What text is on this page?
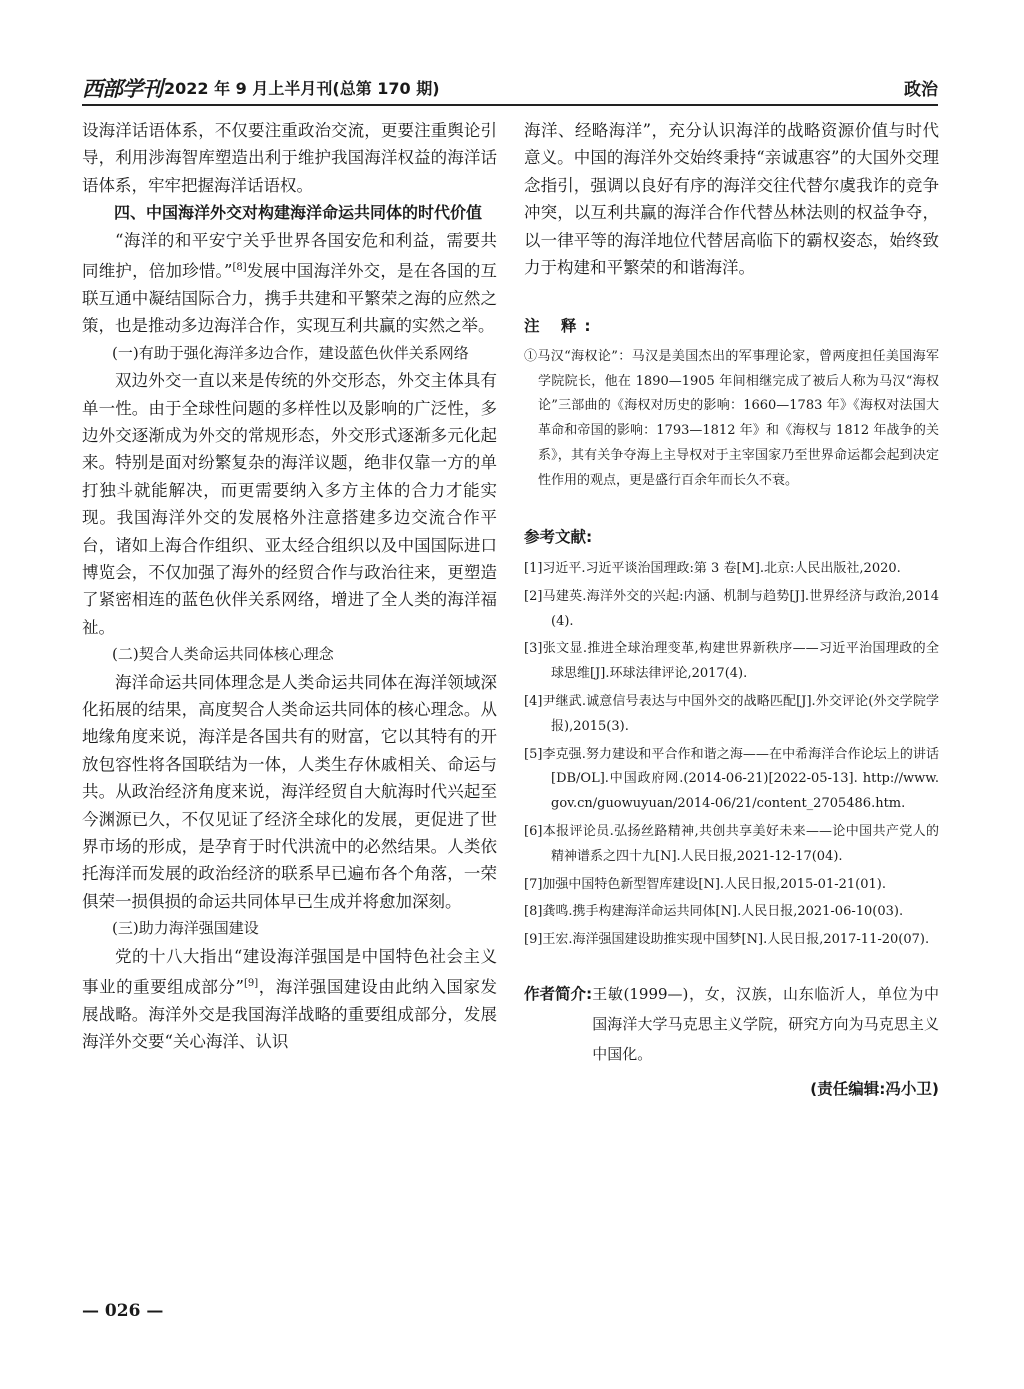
西部学刊 2022 年 9 月上半月刊(总第 170 期)	政治

设海洋话语体系，不仅要注重政治交流，更要注重舆论引导，利用涉海智库塑造出利于维护我国海洋权益的海洋话语体系，牢牢把握海洋话语权。

四、中国海洋外交对构建海洋命运共同体的时代价值

“海洋的和平安宁关乎世界各国安危和利益，需要共同维护，倍加珍惜。”[8]发展中国海洋外交，是在各国的互联互通中凝结国际合力，携手共建和平繁荣之海的应然之策，也是推动多边海洋合作，实现互利共赢的实然之举。

(一)有助于强化海洋多边合作，建设蓝色伙伴关系网络

双边外交一直以来是传统的外交形态，外交主体具有单一性。由于全球性问题的多样性以及影响的广泛性，多边外交逐渐成为外交的常规形态，外交形式逐渐多元化起来。特别是面对纷繁复杂的海洋议题，绝非仅靠一方的单打独斗就能解决，而更需要纳入多方主体的合力才能实现。我国海洋外交的发展格外注意搭建多边交流合作平台，诸如上海合作组织、亚太经合组织以及中国国际进口博览会，不仅加强了海外的经贸合作与政治往来，更塑造了紧密相连的蓝色伙伴关系网络，增进了全人类的海洋福祉。

(二)契合人类命运共同体核心理念

海洋命运共同体理念是人类命运共同体在海洋领域深化拓展的结果，高度契合人类命运共同体的核心理念。从地缘角度来说，海洋是各国共有的财富，它以其特有的开放包容性将各国联结为一体，人类生存休戚相关、命运与共。从政治经济角度来说，海洋经贸自大航海时代兴起至今渊源已久，不仅见证了经济全球化的发展，更促进了世界市场的形成，是孕育于时代洪流中的必然结果。人类依托海洋而发展的政治经济的联系早已遍布各个角落，一荣俱荣一损俱损的命运共同体早已生成并将愈加深刻。

(三)助力海洋强国建设

党的十八大指出“建设海洋强国是中国特色社会主义事业的重要组成部分”[9]，海洋强国建设由此纳入国家发展战略。海洋外交是我国海洋战略的重要组成部分，发展海洋外交要“关心海洋、认识

海洋、经略海洋”，充分认识海洋的战略资源价值与时代意义。中国的海洋外交始终秉持“亲诚惠容”的大国外交理念指引，强调以良好有序的海洋交往代替尔虞我诈的竞争冲突，以互利共赢的海洋合作代替丛林法则的权益争夺，以一律平等的海洋地位代替居高临下的霸权姿态，始终致力于构建和平繁荣的和谐海洋。

注 释:

①马汉“海权论”：马汉是美国杰出的军事理论家，曾两度担任美国海军学院院长，他在 1890—1905 年间相继完成了被后人称为马汉“海权论”三部曲的《海权对历史的影响：1660—1783 年》《海权对法国大革命和帝国的影响：1793—1812 年》和《海权与 1812 年战争的关系》，其有关争夺海上主导权对于主宰国家乃至世界命运都会起到决定性作用的观点，更是盛行百余年而长久不衰。

参考文献:

[1]习近平.习近平谈治国理政:第 3 卷[M].北京:人民出版社,2020.
[2]马建英.海洋外交的兴起:内涵、机制与趋势[J].世界经济与政治,2014(4).
[3]张文显.推进全球治理变革,构建世界新秩序——习近平治国理政的全球思维[J].环球法律评论,2017(4).
[4]尹继武.诚意信号表达与中国外交的战略匹配[J].外交评论(外交学院学报),2015(3).
[5]李克强.努力建设和平合作和谐之海——在中希海洋合作论坛上的讲话[DB/OL].中国政府网.(2014-06-21)[2022-05-13]. http://www.gov.cn/guowuyuan/2014-06/21/content_2705486.htm.
[6]本报评论员.弘扬丝路精神,共创共享美好未来——论中国共产党人的精神谱系之四十九[N].人民日报,2021-12-17(04).
[7]加强中国特色新型智库建设[N].人民日报,2015-01-21(01).
[8]龚鸣.携手构建海洋命运共同体[N].人民日报,2021-06-10(03).
[9]王宏.海洋强国建设助推实现中国梦[N].人民日报,2017-11-20(07).
作者简介: 王敏(1999—)，女，汉族，山东临沂人，单位为中国海洋大学马克思主义学院，研究方向为马克思主义中国化。
(责任编辑:冯小卫)
— 026 —
